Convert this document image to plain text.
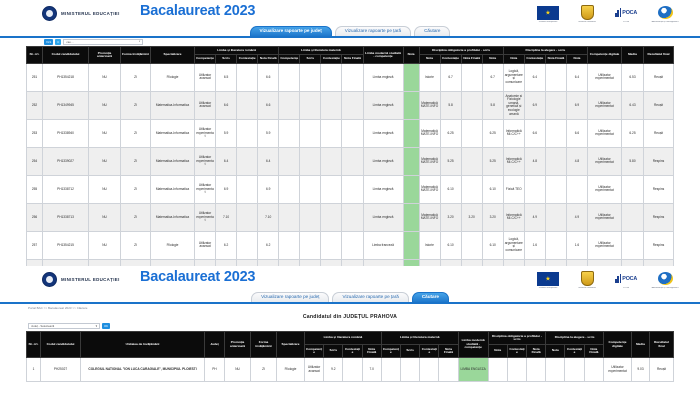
MINISTERUL EDUCAȚIEI Bacalaureat 2023
★
Uniunea Europeană	Guvernul României
POCA
POCA	Administrație și management
Vizualizare rapoarte pe județ	Vizualizare rapoarte pe țară	Căutare
XLS	C	cau…	▾
Nr. crt.	Codul candidatului	Promoția anterioară	Forma învățământ	Specializare	Limba și literatura română				Limba și literatura maternă				Limba modernă studiată - competențe	Nota	Disciplina obligatorie a profilului - scris				Disciplina la alegere - scris				Competențe digitale	Media	Rezultatul final
					Competențe	Scris	Contestație	Nota Finală	Competențe	Scris	Contestație	Nota Finală			Nota	Contestație	Nota Finală	Nota	Nota	Contestație	Nota Finală	Nota			
251	PH1354218	NU	ZI	Filologie	Utilizator avansat	6.5		6.6					Limba engleză		Istorie	6.7		6.7	Logică, argumentare și comunicare	6.4		6.4	Utilizator experimentat	6.53	Reușit
252	PH1349945	NU	ZI	Matematica-Informatica	Utilizator avansat	6.6		6.6					Limba engleză		Matematică MATE-INFO	5.8		5.8	Anatomie și Fiziologie umană, genetică și ecologie umană	6.9		6.9	Utilizator experimentat	6.43	Reușit
253	PH1338940	NU	ZI	Matematica-Informatica	Utilizator experimentat	5.9		5.9					Limba engleză		Matematică MATE-INFO	6.25		6.25	Informatică MI-C/C++	6.6		6.6	Utilizator experimentat	6.25	Reușit
254	PH1339027	NU	ZI	Matematica-Informatica	Utilizator experimentat	6.4		6.4					Limba engleză		Matematică MATE-INFO	5.25		5.25	Informatică MI-C/C++	4.8		4.8	Utilizator experimentat	5.80	Respins
255	PH1338712	NU	ZI	Matematica-Informatica	Utilizator experimentat	6.9		6.9					Limba engleză		Matematică MATE-INFO	6.10		6.10	Fizică TEO				Utilizator experimentat		Respins
256	PH1338713	NU	ZI	Matematica-Informatica	Utilizator experimentat	7.10		7.10					Limba engleză		Matematică MATE-INFO	3.20	3.20	3.20	Informatică MI-C/C++	4.9		4.9	Utilizator experimentat		Respins
257	PH1354215	NU	ZI	Filologie	Utilizator avansat	6.2		6.2					Limba franceză		Istorie	6.10		6.10	Logică, argumentare și comunicare	1.6		1.6	Utilizator experimentat		Respins

MINISTERUL EDUCAȚIEI Bacalaureat 2023
★
Uniunea Europeană	Guvernul României
POCA
POCA	Administrație și management
Vizualizare rapoarte pe județ	Vizualizare rapoarte pe țară	Căutare
Portal BAC >> Bacalaureat 2023 >> Căutare
Candidatul din JUDEȚUL PRAHOVA
Județ - Selectează	▾	OK
Nr. crt.	Codul candidatului	Unitatea de învățământ	Județ	Promoția anterioară	Forma învățământ	Specializare	Limba și literatura română				Limba și literatura maternă				Limba modernă studiată - competențe	Disciplina obligatorie a profilului - scris			Disciplina la alegere - scris			Competențe digitale	Media	Rezultatul final
							Competențe	Scris	Contestație	Nota Finală	Competențe	Scris	Contestație	Nota Finală		Nota	Contestație	Nota Finală	Nota	Contestație	Nota Finală			
1	PH25027	COLEGIUL NATIONAL "ION LUCA CARAGIALE", MUNICIPIUL PLOIESTI	PH	NU	ZI	Filologie	Utilizator avansat	9.2		7.0					LIMBA ENGLEZA							Utilizator experimentat	9.03	Reușit
